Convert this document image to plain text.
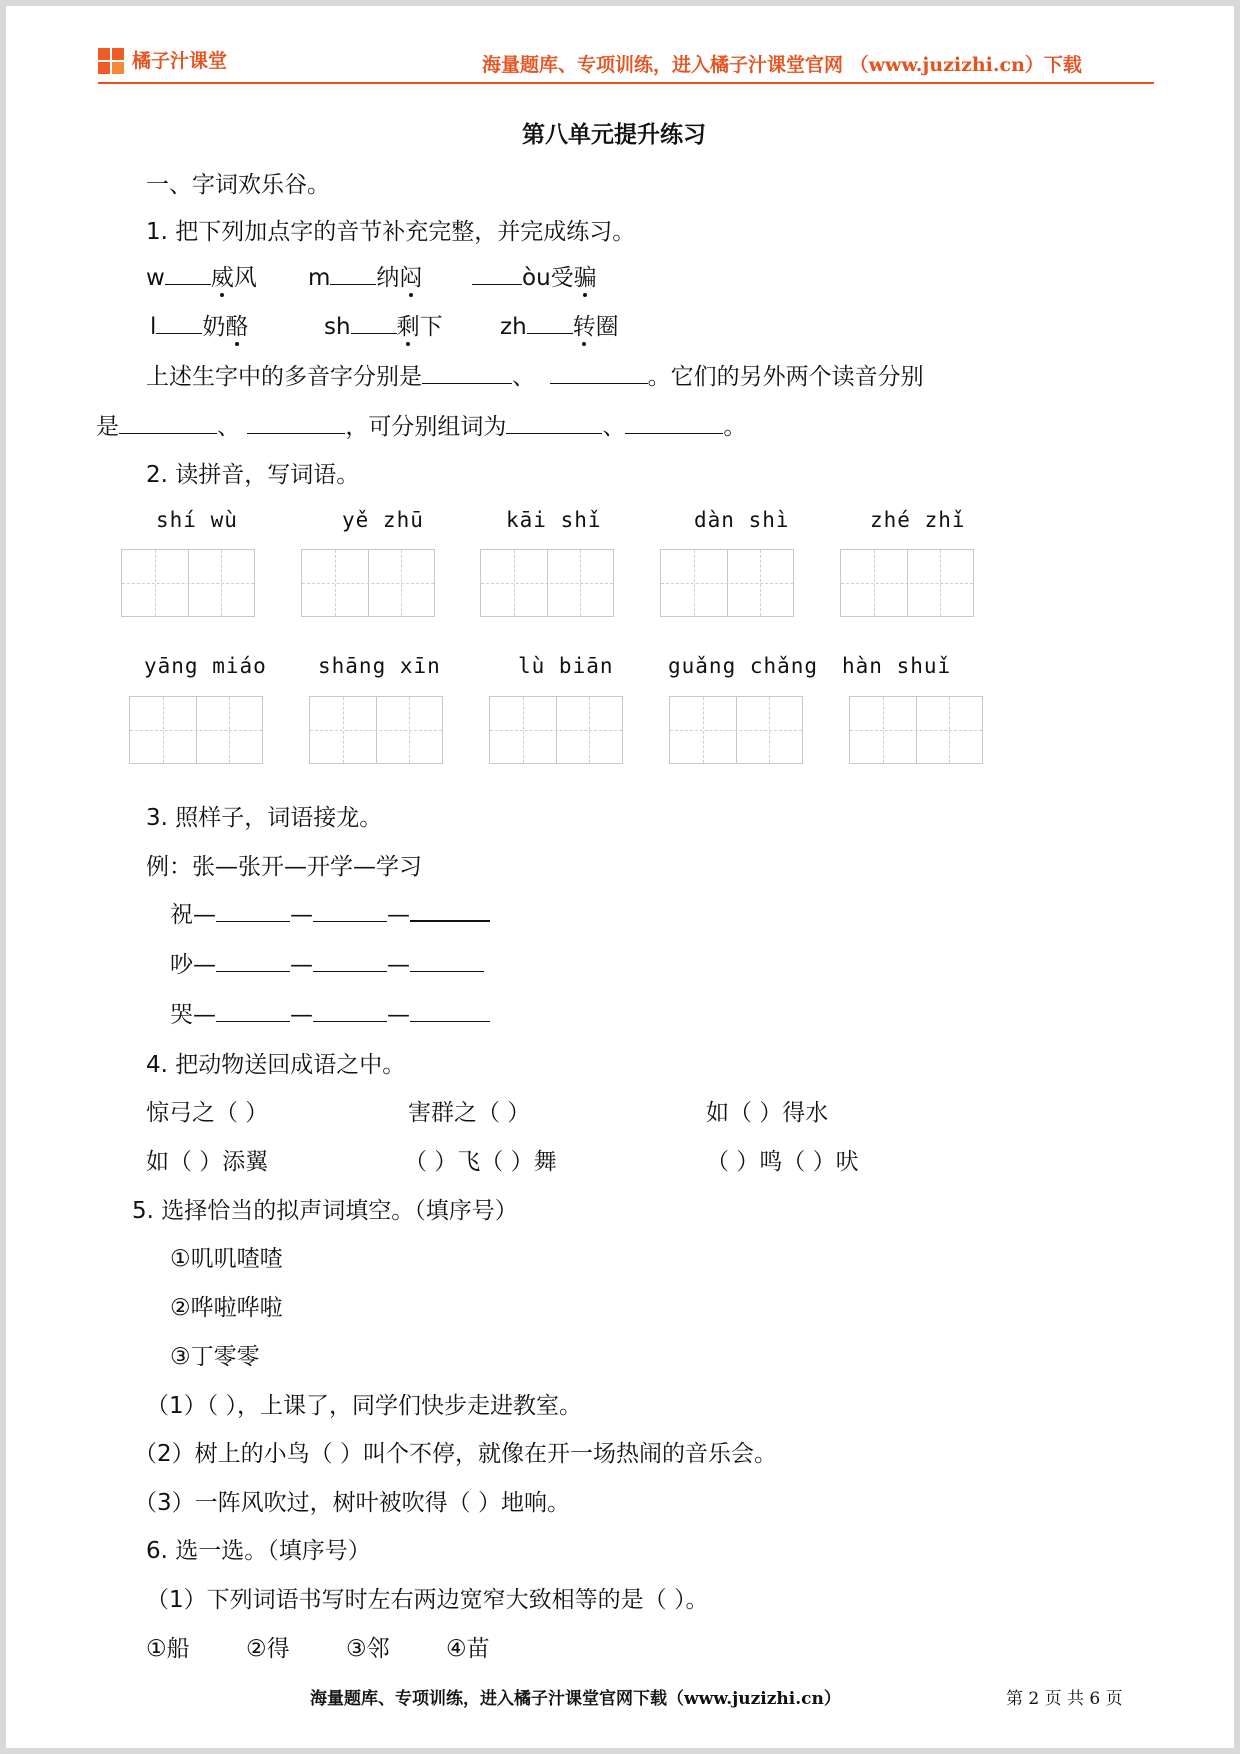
橘子汁课堂	海量题库、专项训练，进入橘子汁课堂官网 （www.juzizhi.cn）下载
第八单元提升练习
一、字词欢乐谷。
1. 把下列加点字的音节补充完整，并完成练习。
w 威风 m 纳闷	òu受骗
l 奶酪	sh 剩下 zh 转圈
上述生字中的多音字分别是	、	。它们的另外两个读音分别
是	、	，可分别组词为	、	。
2. 读拼音，写词语。
shí wù	yě zhū	kāi shǐ	dàn shì	zhé zhǐ
yāng miáo shāng xīn	lù biān	guǎng chǎng hàn shuǐ
3. 照样子，词语接龙。
例：张—张开—开学—学习
祝—	—	—
吵—	—	—
哭—	—	—
4. 把动物送回成语之中。
惊弓之（ ）	害群之（ ）	如（ ）得水
如（ ）添翼	（ ）飞（ ）舞	（ ）鸣（ ）吠
5. 选择恰当的拟声词填空。（填序号）
①叽叽喳喳
②哗啦哗啦
③丁零零
（1）（ ），上课了，同学们快步走进教室。
（2）树上的小鸟（ ）叫个不停，就像在开一场热闹的音乐会。
（3）一阵风吹过，树叶被吹得（ ）地响。
6. 选一选。（填序号）
（1）下列词语书写时左右两边宽窄大致相等的是（ ）。
①船 ②得 ③邻 ④苗
海量题库、专项训练，进入橘子汁课堂官网下载（www.juzizhi.cn）	第 2 页 共 6 页
